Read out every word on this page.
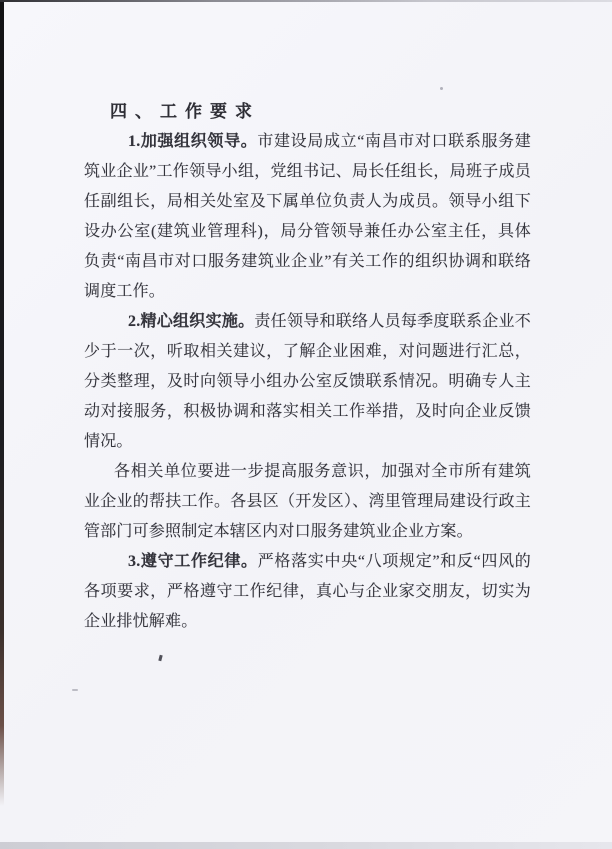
四、工作要求

1.加强组织领导。市建设局成立“南昌市对口联系服务建筑业企业”工作领导小组，党组书记、局长任组长，局班子成员任副组长，局相关处室及下属单位负责人为成员。领导小组下设办公室(建筑业管理科)，局分管领导兼任办公室主任，具体负责“南昌市对口服务建筑业企业”有关工作的组织协调和联络调度工作。

2.精心组织实施。责任领导和联络人员每季度联系企业不少于一次，听取相关建议，了解企业困难，对问题进行汇总，分类整理，及时向领导小组办公室反馈联系情况。明确专人主动对接服务，积极协调和落实相关工作举措，及时向企业反馈情况。

各相关单位要进一步提高服务意识，加强对全市所有建筑业企业的帮扶工作。各县区（开发区）、湾里管理局建设行政主管部门可参照制定本辖区内对口服务建筑业企业方案。

3.遵守工作纪律。严格落实中央“八项规定”和反“四风的各项要求，严格遵守工作纪律，真心与企业家交朋友，切实为企业排忧解难。
